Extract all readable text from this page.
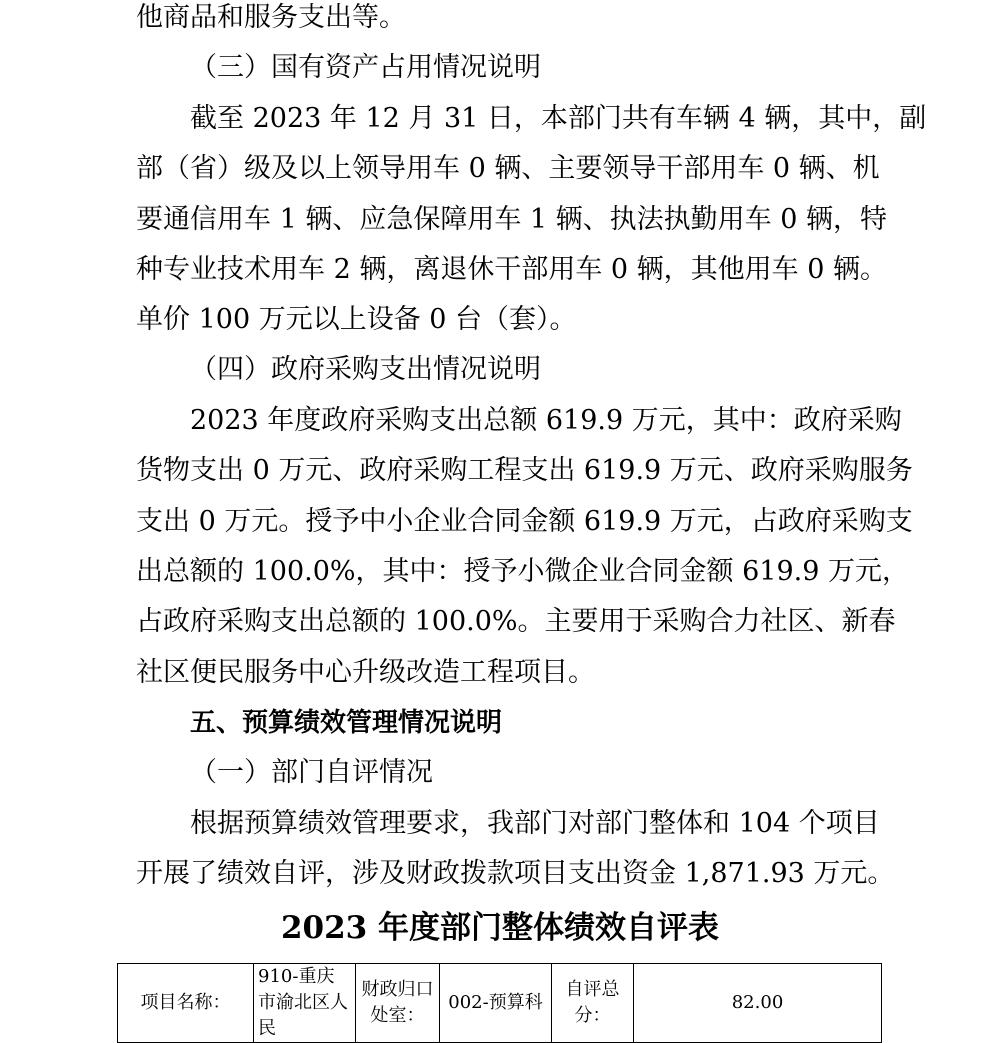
他商品和服务支出等。
（三）国有资产占用情况说明
截至 2023 年 12 月 31 日，本部门共有车辆 4 辆，其中，副
部（省）级及以上领导用车 0 辆、主要领导干部用车 0 辆、机
要通信用车 1 辆、应急保障用车 1 辆、执法执勤用车 0 辆，特
种专业技术用车 2 辆，离退休干部用车 0 辆，其他用车 0 辆。
单价 100 万元以上设备 0 台（套）。
（四）政府采购支出情况说明
2023 年度政府采购支出总额 619.9 万元，其中：政府采购
货物支出 0 万元、政府采购工程支出 619.9 万元、政府采购服务
支出 0 万元。授予中小企业合同金额 619.9 万元，占政府采购支
出总额的 100.0%，其中：授予小微企业合同金额 619.9 万元，
占政府采购支出总额的 100.0%。主要用于采购合力社区、新春
社区便民服务中心升级改造工程项目。
五、预算绩效管理情况说明
（一）部门自评情况
根据预算绩效管理要求，我部门对部门整体和 104 个项目
开展了绩效自评，涉及财政拨款项目支出资金 1,871.93 万元。
2023 年度部门整体绩效自评表
项目名称：	910-重庆市渝北区人民	财政归口处室：	002-预算科	自评总分：	82.00
